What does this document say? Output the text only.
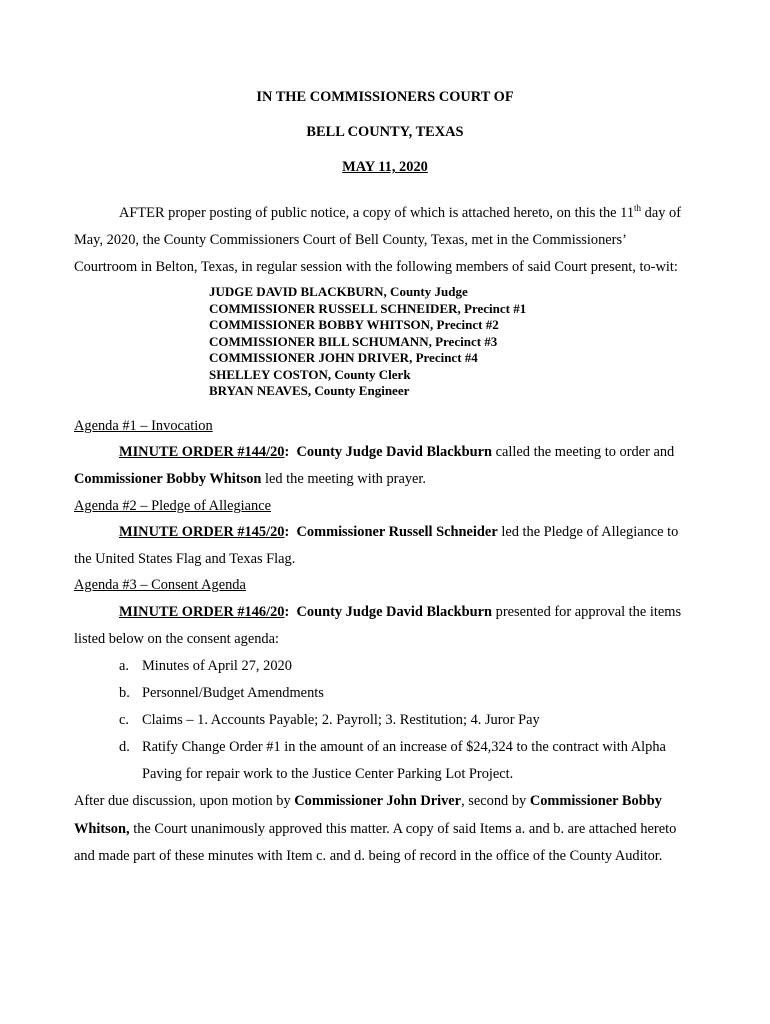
IN THE COMMISSIONERS COURT OF
BELL COUNTY, TEXAS
MAY 11, 2020
AFTER proper posting of public notice, a copy of which is attached hereto, on this the 11th day of
May, 2020, the County Commissioners Court of Bell County, Texas, met in the Commissioners’
Courtroom in Belton, Texas, in regular session with the following members of said Court present, to-wit:
JUDGE DAVID BLACKBURN, County Judge
COMMISSIONER RUSSELL SCHNEIDER, Precinct #1
COMMISSIONER BOBBY WHITSON, Precinct #2
COMMISSIONER BILL SCHUMANN, Precinct #3
COMMISSIONER JOHN DRIVER, Precinct #4
SHELLEY COSTON, County Clerk
BRYAN NEAVES, County Engineer
Agenda #1 – Invocation
MINUTE ORDER #144/20: County Judge David Blackburn called the meeting to order and
Commissioner Bobby Whitson led the meeting with prayer.
Agenda #2 – Pledge of Allegiance
MINUTE ORDER #145/20: Commissioner Russell Schneider led the Pledge of Allegiance to
the United States Flag and Texas Flag.
Agenda #3 – Consent Agenda
MINUTE ORDER #146/20: County Judge David Blackburn presented for approval the items
listed below on the consent agenda:
a. Minutes of April 27, 2020
b. Personnel/Budget Amendments
c. Claims – 1. Accounts Payable; 2. Payroll; 3. Restitution; 4. Juror Pay
d. Ratify Change Order #1 in the amount of an increase of $24,324 to the contract with Alpha
Paving for repair work to the Justice Center Parking Lot Project.
After due discussion, upon motion by Commissioner John Driver, second by Commissioner Bobby
Whitson, the Court unanimously approved this matter. A copy of said Items a. and b. are attached hereto
and made part of these minutes with Item c. and d. being of record in the office of the County Auditor.
